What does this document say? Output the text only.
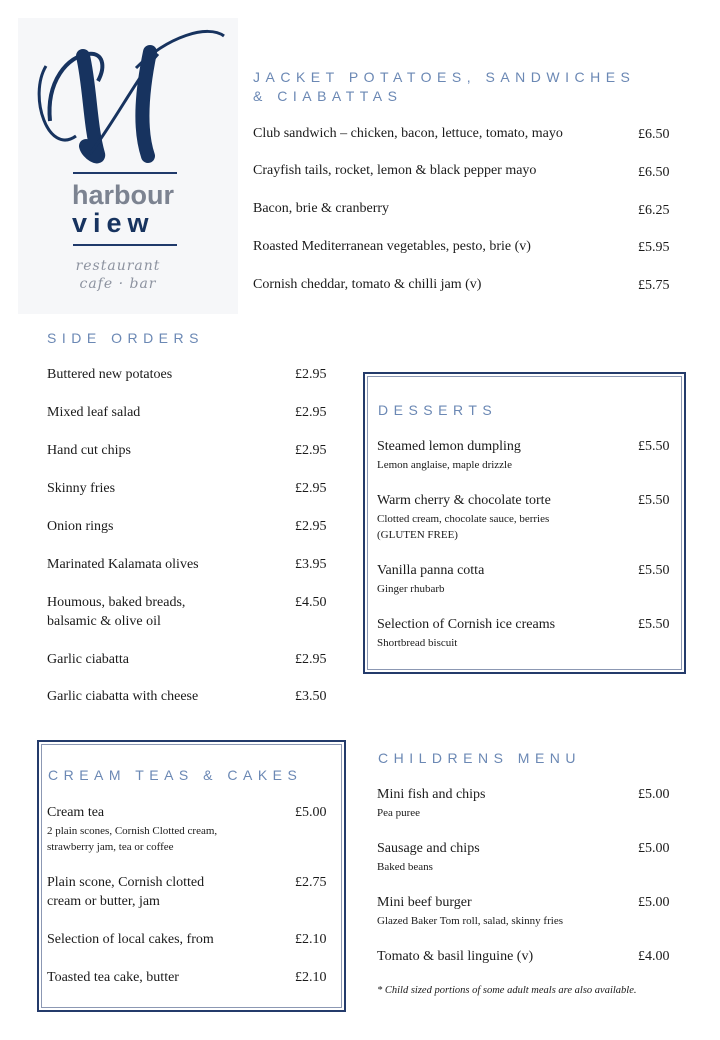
harbour
view
restaurant
cafe · bar
JACKET POTATOES, SANDWICHES
& CIABATTAS
Club sandwich – chicken, bacon, lettuce, tomato, mayo	£6.50
Crayfish tails, rocket, lemon & black pepper mayo	£6.50
Bacon, brie & cranberry	£6.25
Roasted Mediterranean vegetables, pesto, brie (v)	£5.95
Cornish cheddar, tomato & chilli jam (v)	£5.75
SIDE ORDERS
Buttered new potatoes	£2.95
Mixed leaf salad	£2.95
Hand cut chips	£2.95
Skinny fries	£2.95
Onion rings	£2.95
Marinated Kalamata olives	£3.95
Houmous, baked breads,
balsamic & olive oil
£4.50
Garlic ciabatta	£2.95
Garlic ciabatta with cheese	£3.50
DESSERTS
Steamed lemon dumpling
Lemon anglaise, maple drizzle
£5.50
Warm cherry & chocolate torte
Clotted cream, chocolate sauce, berries
(GLUTEN FREE)
£5.50
Vanilla panna cotta
Ginger rhubarb
£5.50
Selection of Cornish ice creams
Shortbread biscuit
£5.50
CREAM TEAS & CAKES
Cream tea
2 plain scones, Cornish Clotted cream,
strawberry jam, tea or coffee
£5.00
Plain scone, Cornish clotted
cream or butter, jam
£2.75
Selection of local cakes, from	£2.10
Toasted tea cake, butter	£2.10
CHILDRENS MENU
Mini fish and chips
Pea puree
£5.00
Sausage and chips
Baked beans
£5.00
Mini beef burger
Glazed Baker Tom roll, salad, skinny fries
£5.00
Tomato & basil linguine (v)	£4.00
* Child sized portions of some adult meals are also available.
